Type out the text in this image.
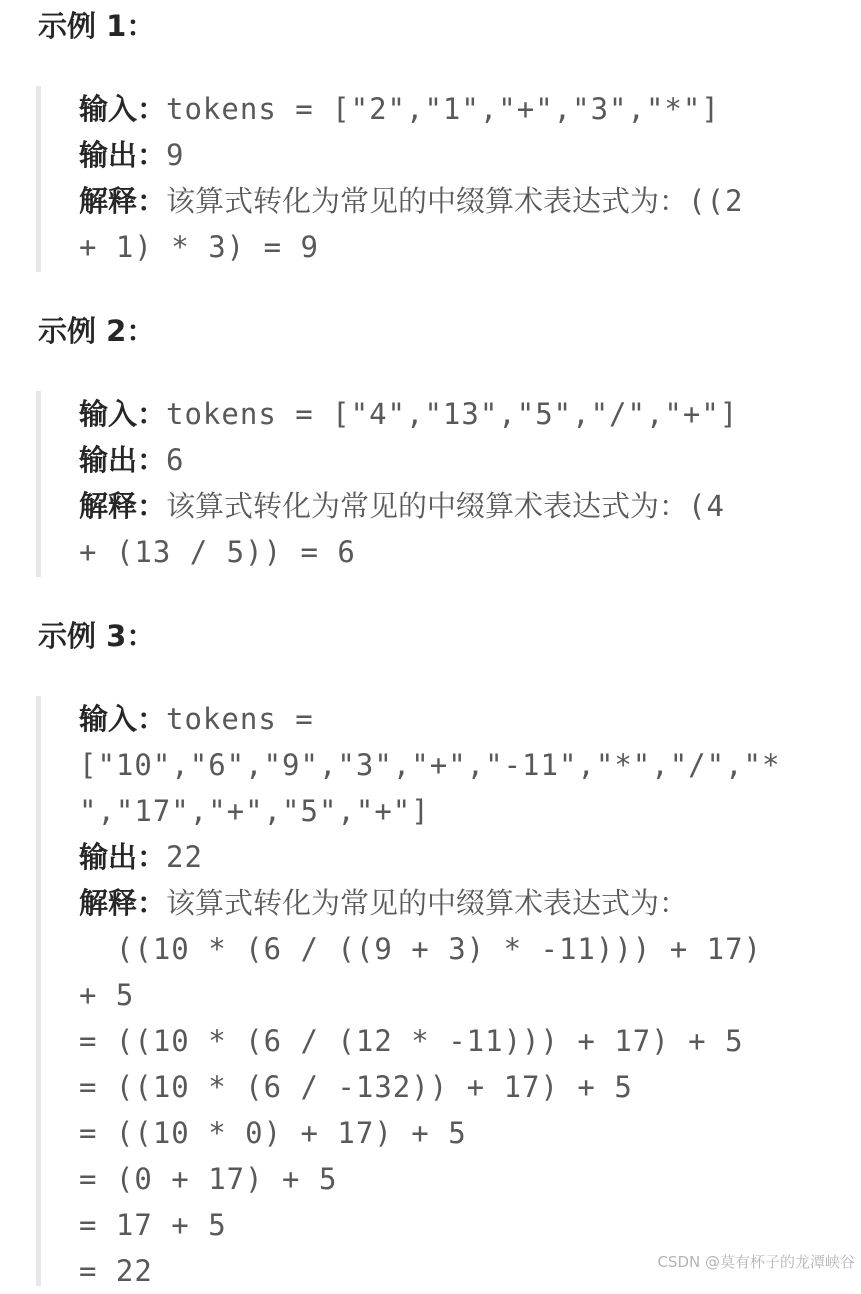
示例 1：
输入：tokens = ["2","1","+","3","*"]
输出：9
解释：该算式转化为常见的中缀算术表达式为：((2
+ 1) * 3) = 9
示例 2：
输入：tokens = ["4","13","5","/","+"]
输出：6
解释：该算式转化为常见的中缀算术表达式为：(4
+ (13 / 5)) = 6
示例 3：
输入：tokens =
["10","6","9","3","+","-11","*","/","*
","17","+","5","+"]
输出：22
解释：该算式转化为常见的中缀算术表达式为：
((10 * (6 / ((9 + 3) * -11))) + 17)
+ 5
= ((10 * (6 / (12 * -11))) + 17) + 5
= ((10 * (6 / -132)) + 17) + 5
= ((10 * 0) + 17) + 5
= (0 + 17) + 5
= 17 + 5
= 22	CSDN @莫有杯子的龙潭峡谷
